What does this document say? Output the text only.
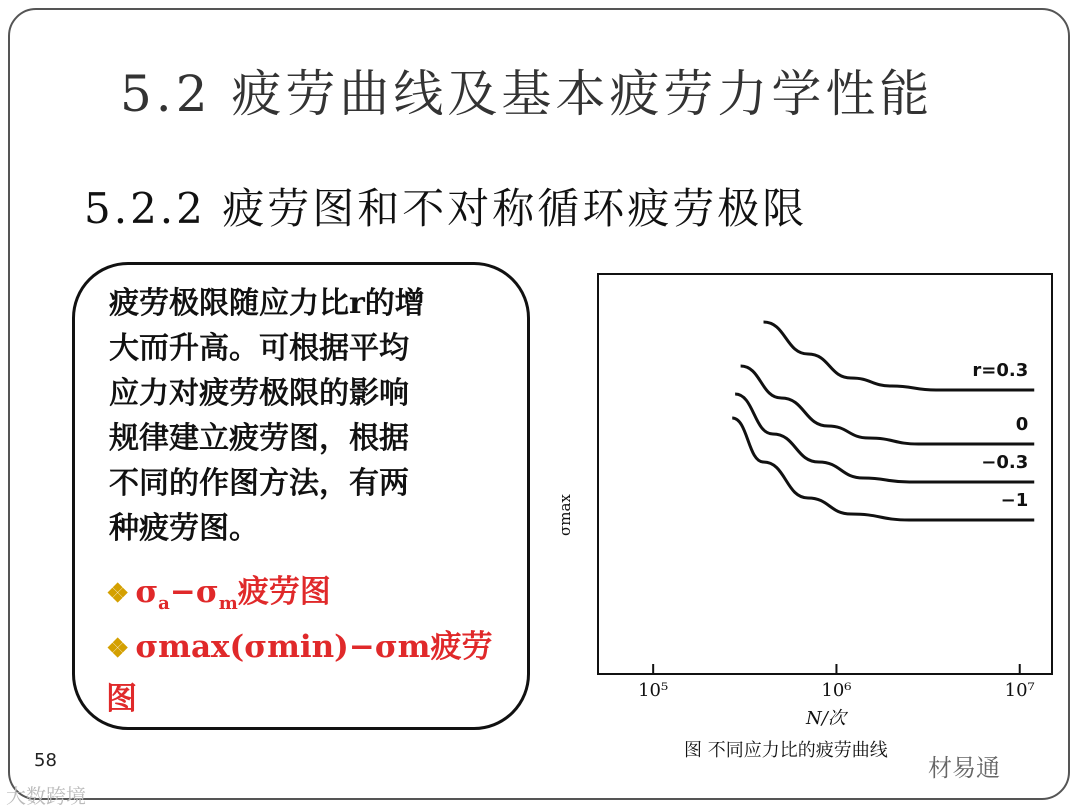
5.2 疲劳曲线及基本疲劳力学性能
5.2.2 疲劳图和不对称循环疲劳极限
疲劳极限随应力比r的增
大而升高。可根据平均
应力对疲劳极限的影响
规律建立疲劳图，根据
不同的作图方法，有两
种疲劳图。
❖ $\sigma_a-\sigma_m$疲劳图
❖ σmax(σmin)−σm疲劳图
σmax
10⁵	10⁶	10⁷
r=0.3
0
−0.3
−1
N/次
图 不同应力比的疲劳曲线
58
大数跨境
材易通
